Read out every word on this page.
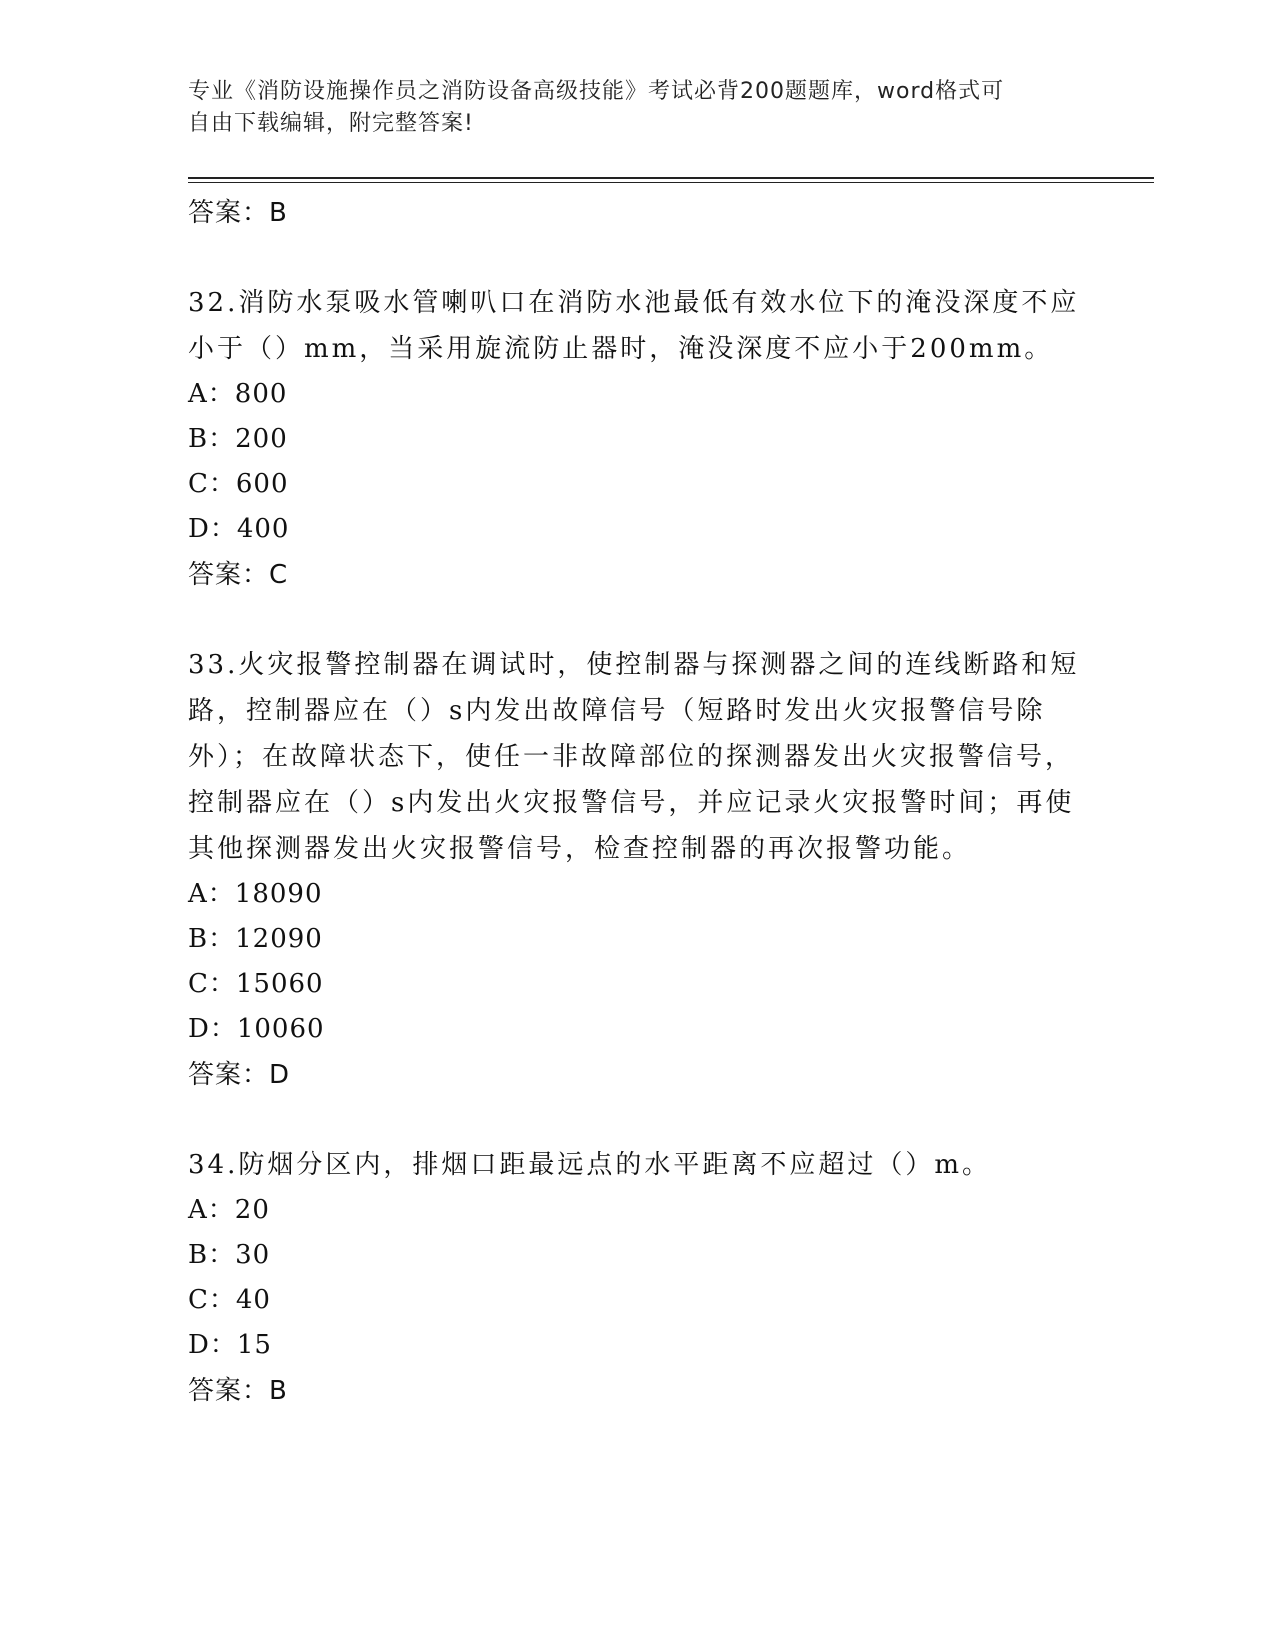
专业《消防设施操作员之消防设备高级技能》考试必背200题题库，word格式可
自由下载编辑，附完整答案!
答案：B
32.消防水泵吸水管喇叭口在消防水池最低有效水位下的淹没深度不应小于（）mm，当采用旋流防止器时，淹没深度不应小于200mm。
A：800
B：200
C：600
D：400
答案：C
33.火灾报警控制器在调试时，使控制器与探测器之间的连线断路和短路，控制器应在（）s内发出故障信号（短路时发出火灾报警信号除外）；在故障状态下，使任一非故障部位的探测器发出火灾报警信号，控制器应在（）s内发出火灾报警信号，并应记录火灾报警时间；再使其他探测器发出火灾报警信号，检查控制器的再次报警功能。
A：18090
B：12090
C：15060
D：10060
答案：D
34.防烟分区内，排烟口距最远点的水平距离不应超过（）m。
A：20
B：30
C：40
D：15
答案：B
